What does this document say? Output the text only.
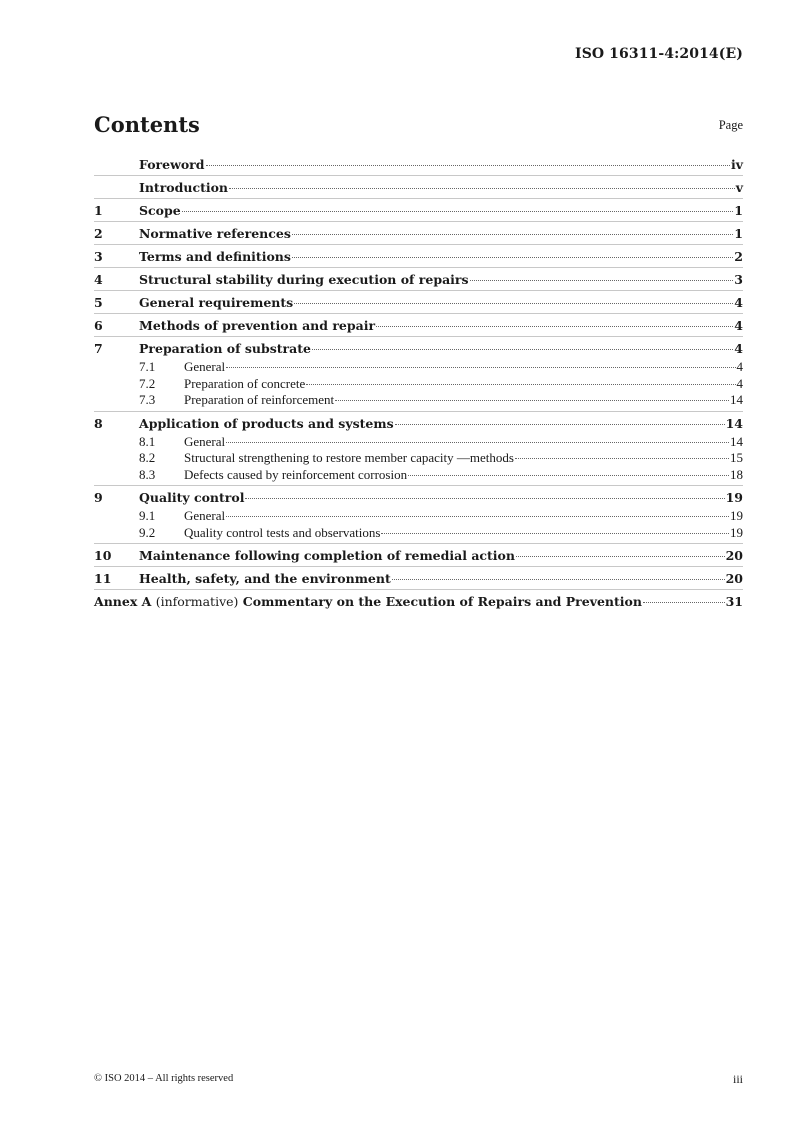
ISO 16311-4:2014(E)
Contents	Page
Foreword	iv
Introduction	v
1	Scope	1
2	Normative references	1
3	Terms and definitions	2
4	Structural stability during execution of repairs	3
5	General requirements	4
6	Methods of prevention and repair	4
7	Preparation of substrate	4
7.1	General	4
7.2	Preparation of concrete	4
7.3	Preparation of reinforcement	14
8	Application of products and systems	14
8.1	General	14
8.2	Structural strengthening to restore member capacity —methods	15
8.3	Defects caused by reinforcement corrosion	18
9	Quality control	19
9.1	General	19
9.2	Quality control tests and observations	19
10	Maintenance following completion of remedial action	20
11	Health, safety, and the environment	20
Annex A (informative) Commentary on the Execution of Repairs and Prevention	31
© ISO 2014 – All rights reserved	iii
